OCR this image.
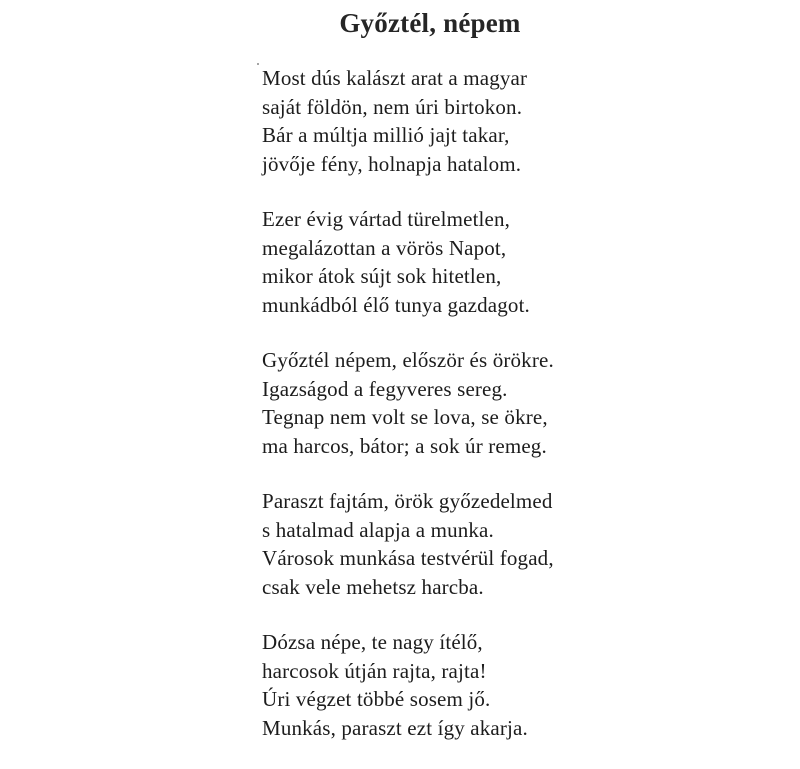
Győztél, népem
Most dús kalászt arat a magyar
saját földön, nem úri birtokon.
Bár a múltja millió jajt takar,
jövője fény, holnapja hatalom.
Ezer évig vártad türelmetlen,
megalázottan a vörös Napot,
mikor átok sújt sok hitetlen,
munkádból élő tunya gazdagot.
Győztél népem, először és örökre.
Igazságod a fegyveres sereg.
Tegnap nem volt se lova, se ökre,
ma harcos, bátor; a sok úr remeg.
Paraszt fajtám, örök győzedelmed
s hatalmad alapja a munka.
Városok munkása testvérül fogad,
csak vele mehetsz harcba.
Dózsa népe, te nagy ítélő,
harcosok útján rajta, rajta!
Úri végzet többé sosem jő.
Munkás, paraszt ezt így akarja.
